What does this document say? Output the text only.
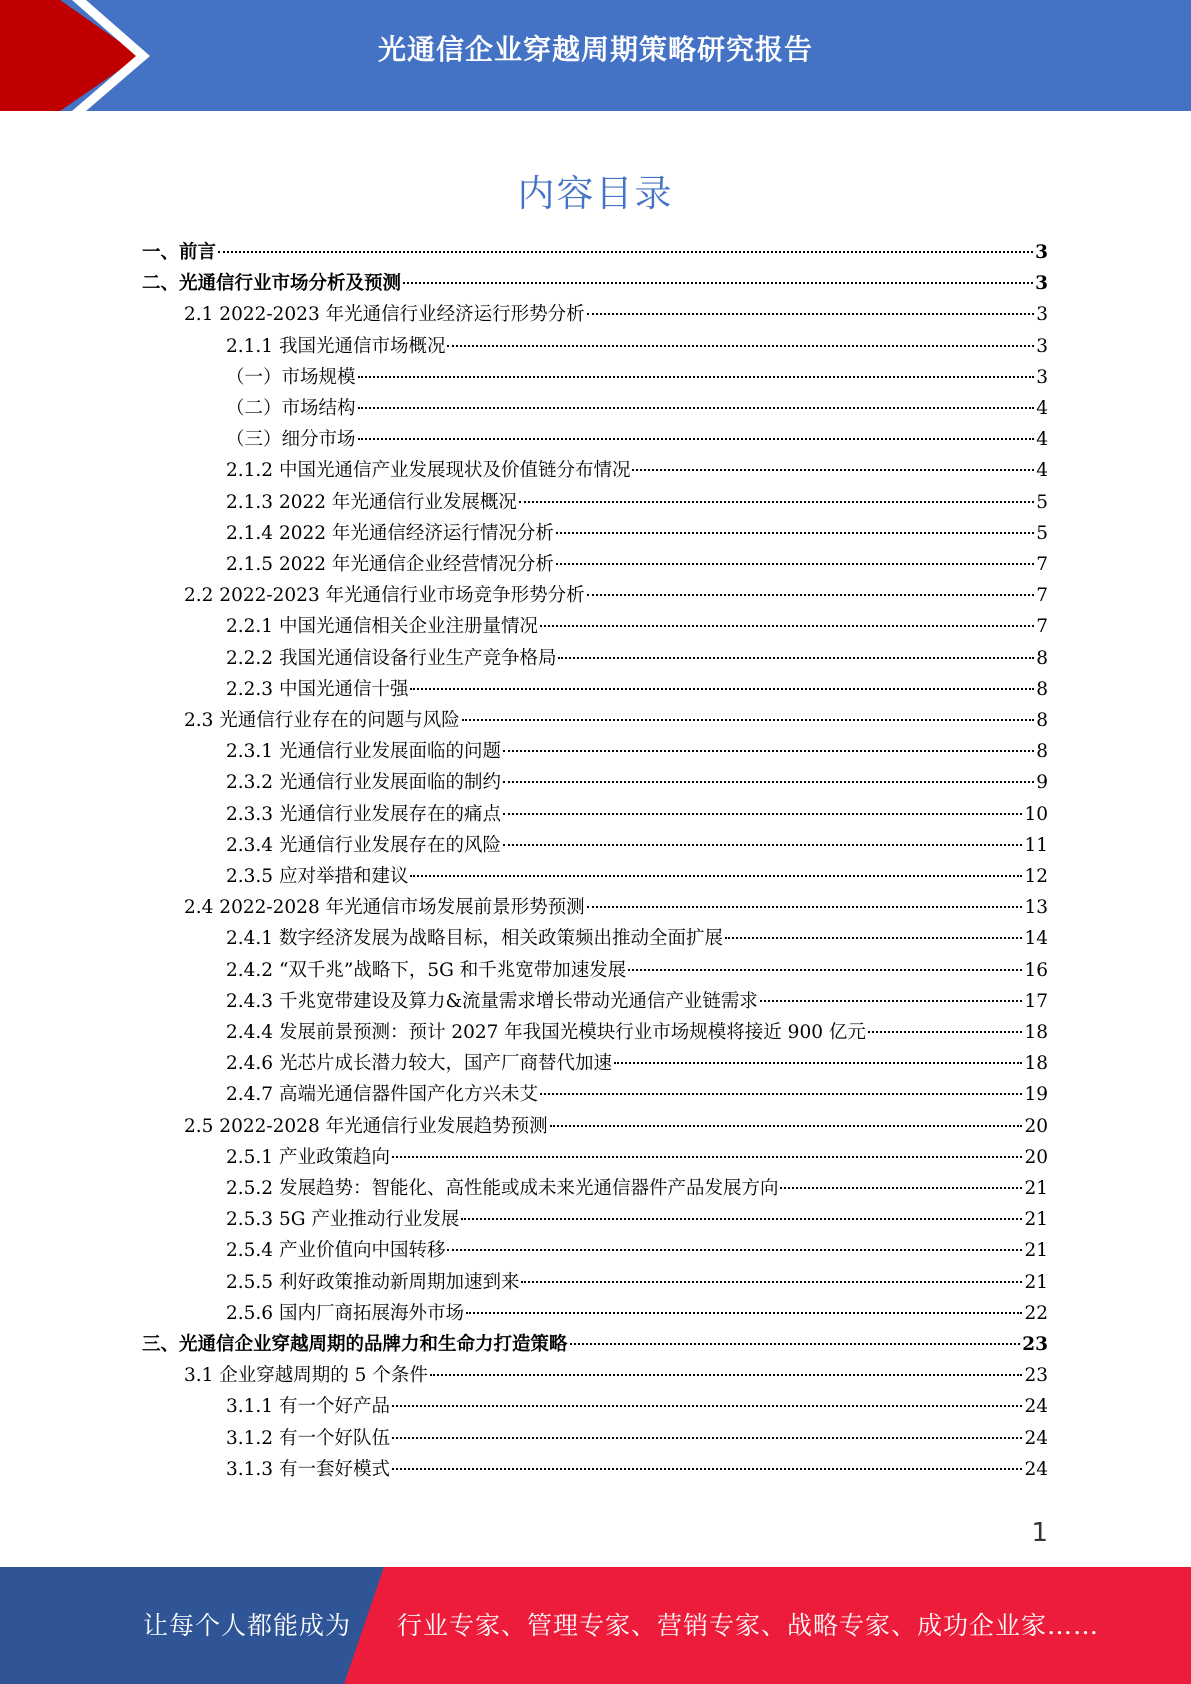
光通信企业穿越周期策略研究报告
内容目录
一、前言	3
二、光通信行业市场分析及预测	3
2.1 2022-2023 年光通信行业经济运行形势分析	3
2.1.1 我国光通信市场概况	3
（一）市场规模	3
（二）市场结构	4
（三）细分市场	4
2.1.2 中国光通信产业发展现状及价值链分布情况	4
2.1.3 2022 年光通信行业发展概况	5
2.1.4 2022 年光通信经济运行情况分析	5
2.1.5 2022 年光通信企业经营情况分析	7
2.2 2022-2023 年光通信行业市场竞争形势分析	7
2.2.1 中国光通信相关企业注册量情况	7
2.2.2 我国光通信设备行业生产竞争格局	8
2.2.3 中国光通信十强	8
2.3 光通信行业存在的问题与风险	8
2.3.1 光通信行业发展面临的问题	8
2.3.2 光通信行业发展面临的制约	9
2.3.3 光通信行业发展存在的痛点	10
2.3.4 光通信行业发展存在的风险	11
2.3.5 应对举措和建议	12
2.4 2022-2028 年光通信市场发展前景形势预测	13
2.4.1 数字经济发展为战略目标，相关政策频出推动全面扩展	14
2.4.2 “双千兆”战略下，5G 和千兆宽带加速发展	16
2.4.3 千兆宽带建设及算力&流量需求增长带动光通信产业链需求	17
2.4.4 发展前景预测：预计 2027 年我国光模块行业市场规模将接近 900 亿元	18
2.4.6 光芯片成长潜力较大，国产厂商替代加速	18
2.4.7 高端光通信器件国产化方兴未艾	19
2.5 2022-2028 年光通信行业发展趋势预测	20
2.5.1 产业政策趋向	20
2.5.2 发展趋势：智能化、高性能或成未来光通信器件产品发展方向	21
2.5.3 5G 产业推动行业发展	21
2.5.4 产业价值向中国转移	21
2.5.5 利好政策推动新周期加速到来	21
2.5.6 国内厂商拓展海外市场	22
三、光通信企业穿越周期的品牌力和生命力打造策略	23
3.1 企业穿越周期的 5 个条件	23
3.1.1 有一个好产品	24
3.1.2 有一个好队伍	24
3.1.3 有一套好模式	24
1
让每个人都能成为 行业专家、管理专家、营销专家、战略专家、成功企业家……
